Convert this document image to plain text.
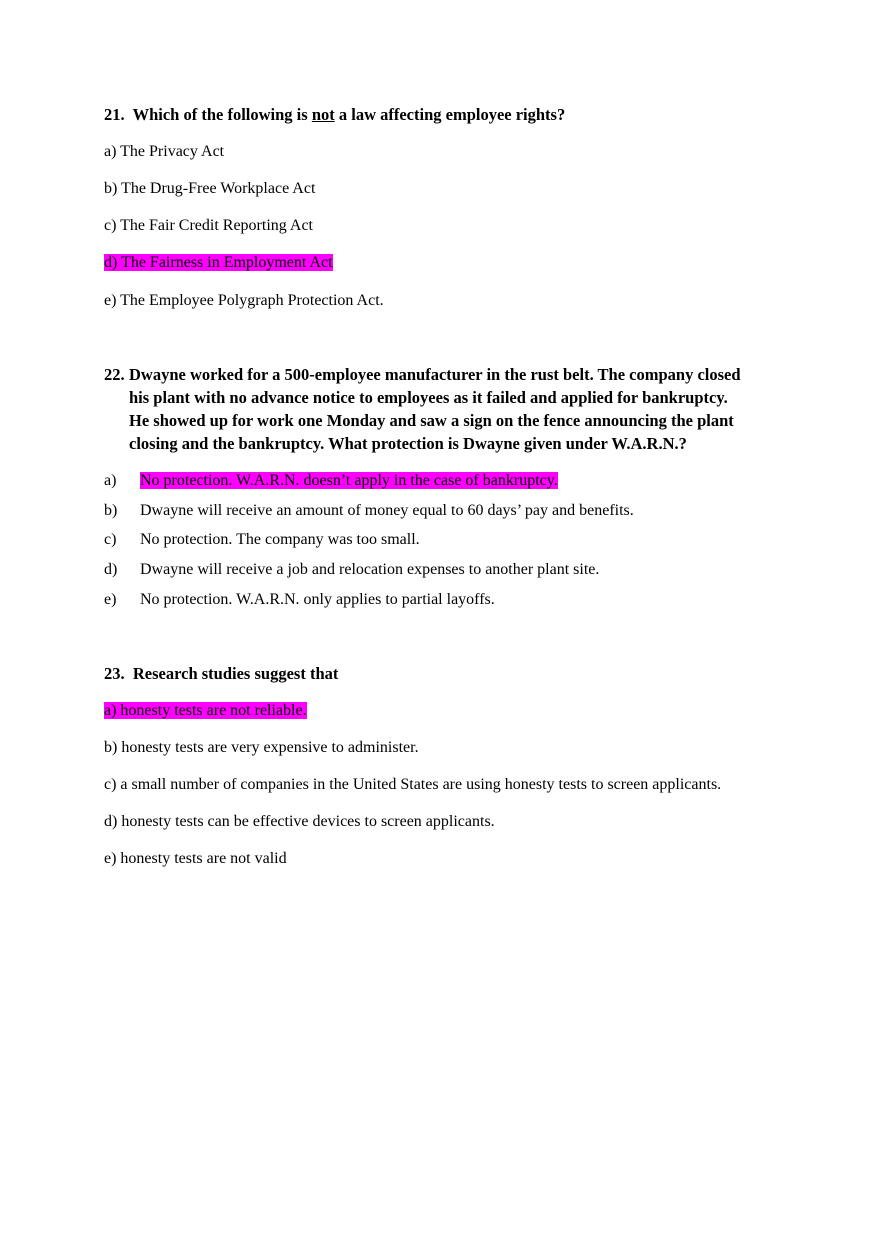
21. Which of the following is not a law affecting employee rights?

a) The Privacy Act

b) The Drug-Free Workplace Act

c) The Fair Credit Reporting Act

d) The Fairness in Employment Act

e) The Employee Polygraph Protection Act.

22. Dwayne worked for a 500-employee manufacturer in the rust belt. The company closed
his plant with no advance notice to employees as it failed and applied for bankruptcy.
He showed up for work one Monday and saw a sign on the fence announcing the plant
closing and the bankruptcy. What protection is Dwayne given under W.A.R.N.?

a) No protection. W.A.R.N. doesn’t apply in the case of bankruptcy.

b) Dwayne will receive an amount of money equal to 60 days’ pay and benefits.

c) No protection. The company was too small.

d) Dwayne will receive a job and relocation expenses to another plant site.

e) No protection. W.A.R.N. only applies to partial layoffs.

23. Research studies suggest that

a) honesty tests are not reliable.

b) honesty tests are very expensive to administer.

c) a small number of companies in the United States are using honesty tests to screen applicants.

d) honesty tests can be effective devices to screen applicants.

e) honesty tests are not valid
